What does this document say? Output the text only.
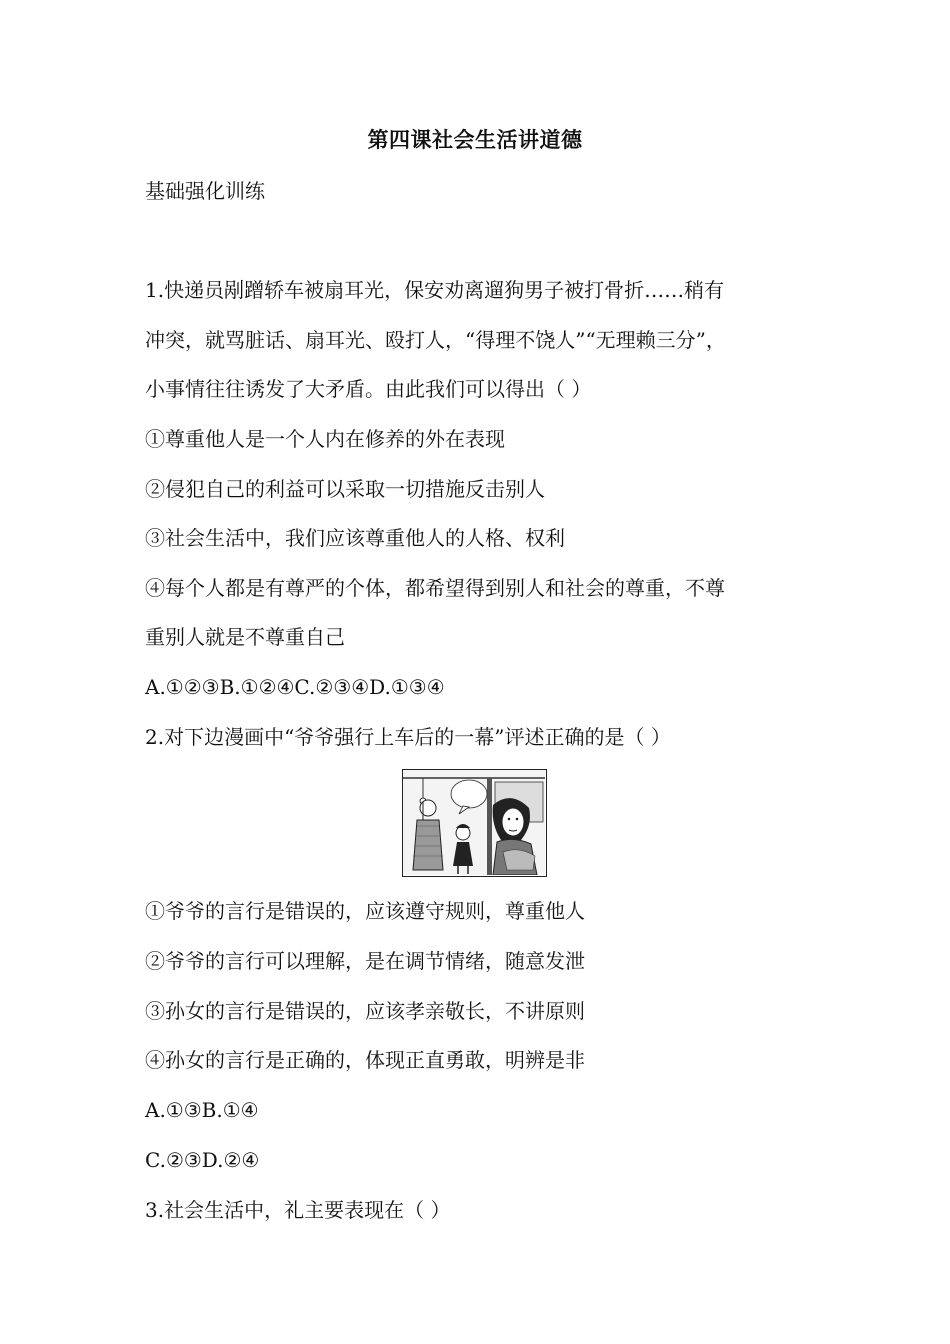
第四课社会生活讲道德
基础强化训练
1.快递员剐蹭轿车被扇耳光，保安劝离遛狗男子被打骨折……稍有
冲突，就骂脏话、扇耳光、殴打人，“得理不饶人”“无理赖三分”，
小事情往往诱发了大矛盾。由此我们可以得出（ ）
①尊重他人是一个人内在修养的外在表现
②侵犯自己的利益可以采取一切措施反击别人
③社会生活中，我们应该尊重他人的人格、权利
④每个人都是有尊严的个体，都希望得到别人和社会的尊重，不尊
重别人就是不尊重自己
A.①②③B.①②④C.②③④D.①③④
2.对下边漫画中“爷爷强行上车后的一幕”评述正确的是（ ）
①爷爷的言行是错误的，应该遵守规则，尊重他人
②爷爷的言行可以理解，是在调节情绪，随意发泄
③孙女的言行是错误的，应该孝亲敬长，不讲原则
④孙女的言行是正确的，体现正直勇敢，明辨是非
A.①③B.①④
C.②③D.②④
3.社会生活中，礼主要表现在（ ）
